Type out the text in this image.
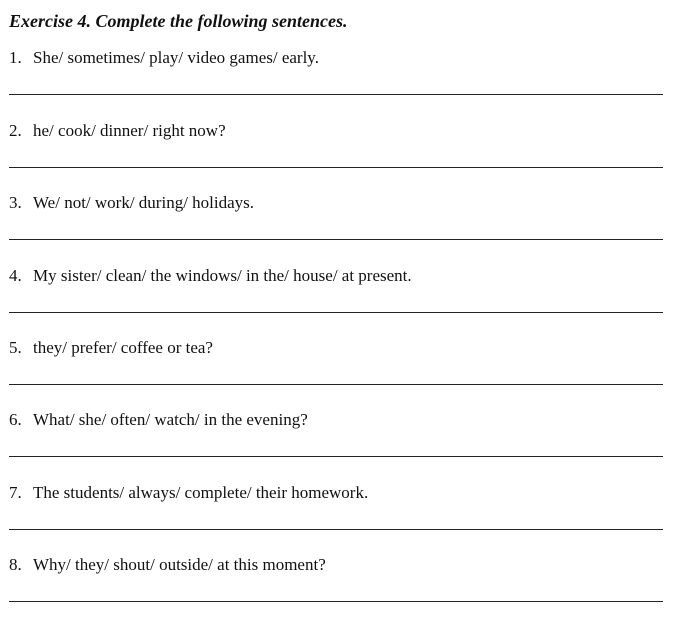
Exercise 4. Complete the following sentences.
1. She/ sometimes/ play/ video games/ early.
2. he/ cook/ dinner/ right now?
3. We/ not/ work/ during/ holidays.
4. My sister/ clean/ the windows/ in the/ house/ at present.
5. they/ prefer/ coffee or tea?
6. What/ she/ often/ watch/ in the evening?
7. The students/ always/ complete/ their homework.
8. Why/ they/ shout/ outside/ at this moment?
